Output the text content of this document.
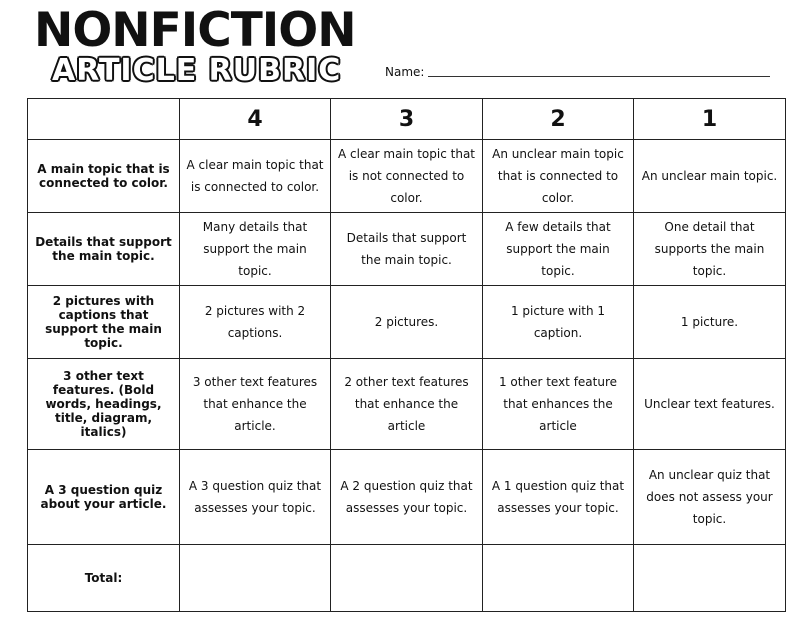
NONFICTION
ARTICLE RUBRIC	Name:
	4	3	2	1
A main topic that is connected to color.	A clear main topic that is connected to color.	A clear main topic that is not connected to color.	An unclear main topic that is connected to color.	An unclear main topic.
Details that support the main topic.	Many details that support the main topic.	Details that support the main topic.	A few details that support the main topic.	One detail that supports the main topic.
2 pictures with captions that support the main topic.	2 pictures with 2 captions.	2 pictures.	1 picture with 1 caption.	1 picture.
3 other text features. (Bold words, headings, title, diagram, italics)	3 other text features that enhance the article.	2 other text features that enhance the article	1 other text feature that enhances the article	Unclear text features.
A 3 question quiz about your article.	A 3 question quiz that assesses your topic.	A 2 question quiz that assesses your topic.	A 1 question quiz that assesses your topic.	An unclear quiz that does not assess your topic.
Total:				
